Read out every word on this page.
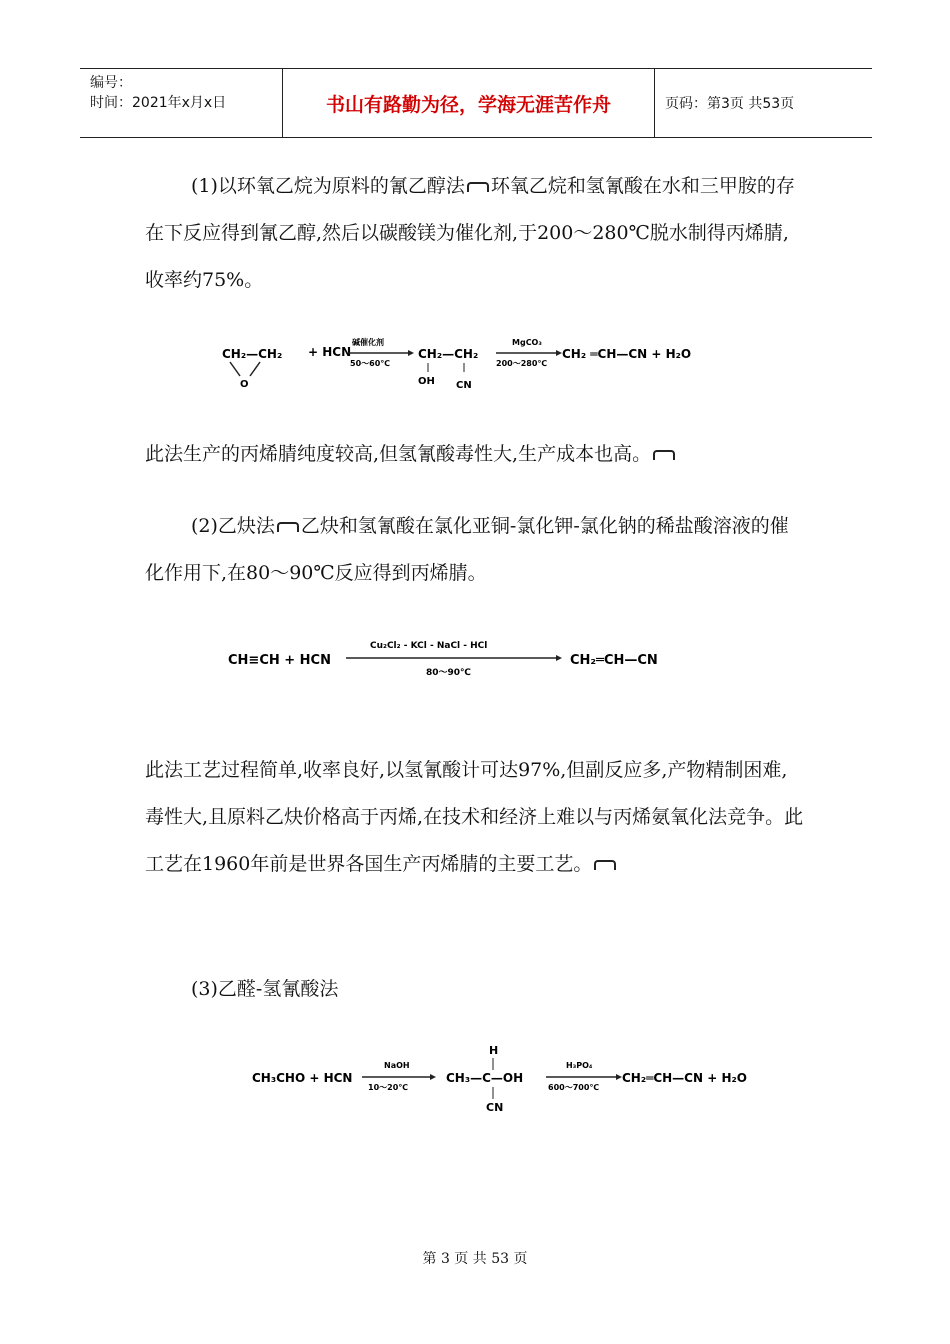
编号：
时间：2021年x月x日	书山有路勤为径，学海无涯苦作舟	页码：第3页 共53页

(1)以环氧乙烷为原料的氰乙醇法 环氧乙烷和氢氰酸在水和三甲胺的存在下反应得到氰乙醇,然后以碳酸镁为催化剂,于200～280℃脱水制得丙烯腈,收率约75%。

CH₂—CH₂
O
+ HCN
碱催化剂
50～60℃
CH₂—CH₂
OH CN
MgCO₃
200～280℃
CH₂ ═CH—CN + H₂O

此法生产的丙烯腈纯度较高,但氢氰酸毒性大,生产成本也高。

(2)乙炔法 乙炔和氢氰酸在氯化亚铜-氯化钾-氯化钠的稀盐酸溶液的催化作用下,在80～90℃反应得到丙烯腈。

CH≡CH + HCN
Cu₂Cl₂ - KCl - NaCl - HCl
80～90℃
CH₂═CH—CN

此法工艺过程简单,收率良好,以氢氰酸计可达97%,但副反应多,产物精制困难,毒性大,且原料乙炔价格高于丙烯,在技术和经济上难以与丙烯氨氧化法竞争。此工艺在1960年前是世界各国生产丙烯腈的主要工艺。

(3)乙醛-氢氰酸法

CH₃CHO + HCN
NaOH
10～20℃
H
CH₃—C—OH
CN
H₃PO₄
600～700℃
CH₂═CH—CN + H₂O
第 3 页 共 53 页
